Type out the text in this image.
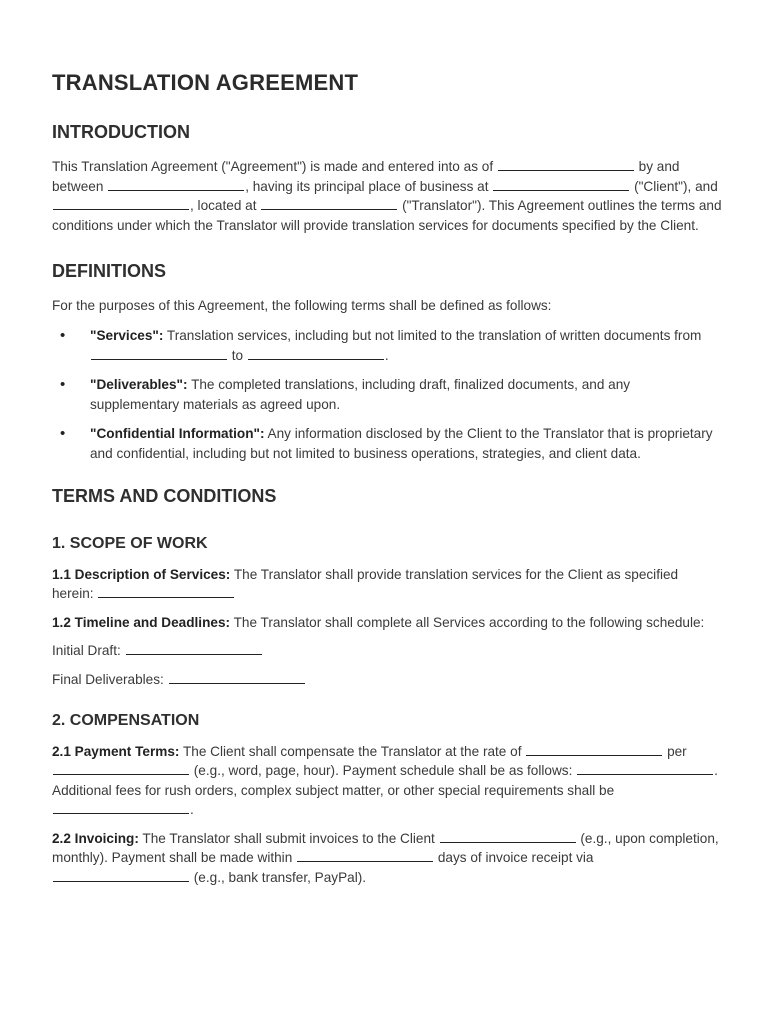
TRANSLATION AGREEMENT
INTRODUCTION

This Translation Agreement ("Agreement") is made and entered into as of	by and between	, having its principal place of business at	("Client"), and , located at	("Translator"). This Agreement outlines the terms and conditions under which the Translator will provide translation services for documents specified by the Client.

DEFINITIONS

For the purposes of this Agreement, the following terms shall be defined as follows:

• "Services": Translation services, including but not limited to the translation of written documents from  to	.
• "Deliverables": The completed translations, including draft, finalized documents, and any supplementary materials as agreed upon.
• "Confidential Information": Any information disclosed by the Client to the Translator that is proprietary and confidential, including but not limited to business operations, strategies, and client data.
TERMS AND CONDITIONS
1. SCOPE OF WORK

1.1 Description of Services: The Translator shall provide translation services for the Client as specified herein:

1.2 Timeline and Deadlines: The Translator shall complete all Services according to the following schedule:

Initial Draft:

Final Deliverables:

2. COMPENSATION

2.1 Payment Terms: The Client shall compensate the Translator at the rate of	per  (e.g., word, page, hour). Payment schedule shall be as follows:	. Additional fees for rush orders, complex subject matter, or other special requirements shall be .

2.2 Invoicing: The Translator shall submit invoices to the Client	(e.g., upon completion, monthly). Payment shall be made within	days of invoice receipt via  (e.g., bank transfer, PayPal).
